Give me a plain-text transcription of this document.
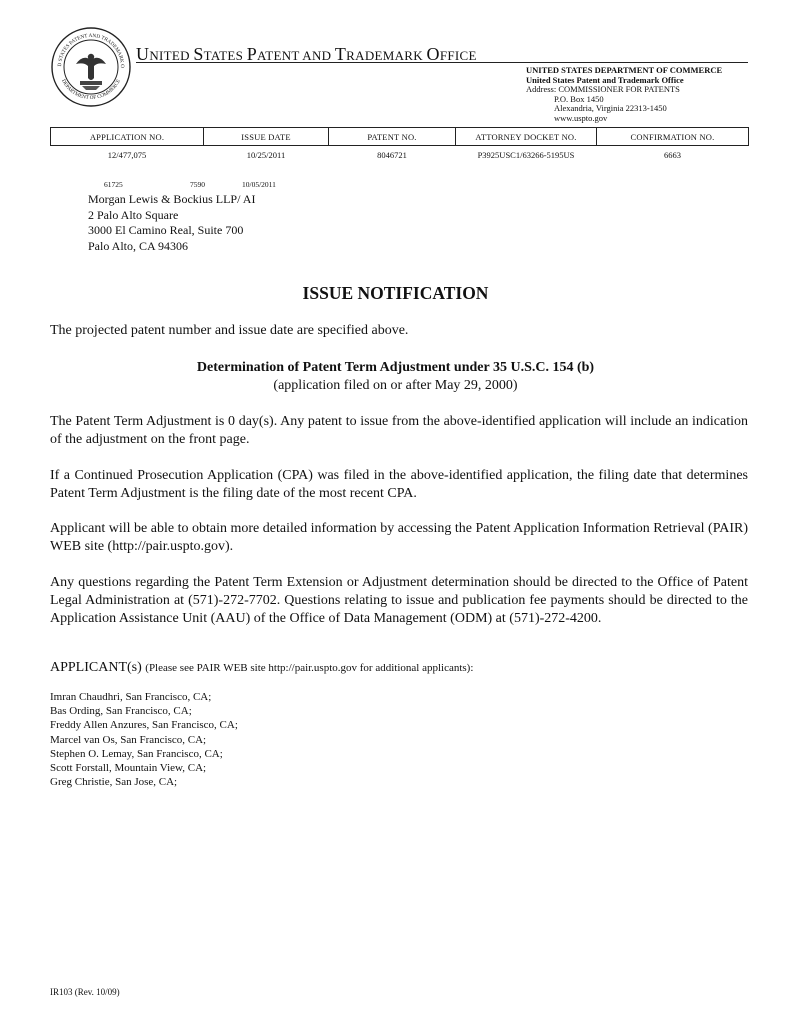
D STATES PATENT AND TRADEMARK O
DEPARTMENT OF COMMERCE
UNITED STATES PATENT AND TRADEMARK OFFICE
UNITED STATES DEPARTMENT OF COMMERCE
United States Patent and Trademark Office
Address: COMMISSIONER FOR PATENTS
P.O. Box 1450
Alexandria, Virginia 22313-1450
www.uspto.gov
APPLICATION NO.	ISSUE DATE	PATENT NO.	ATTORNEY DOCKET NO.	CONFIRMATION NO.
12/477,075	10/25/2011	8046721	P3925USC1/63266-5195US	6663
61725	7590	10/05/2011
Morgan Lewis & Bockius LLP/ AI
2 Palo Alto Square
3000 El Camino Real, Suite 700
Palo Alto, CA 94306
ISSUE NOTIFICATION
The projected patent number and issue date are specified above.
Determination of Patent Term Adjustment under 35 U.S.C. 154 (b)
(application filed on or after May 29, 2000)
The Patent Term Adjustment is 0 day(s). Any patent to issue from the above-identified application will include an indication of the adjustment on the front page.
If a Continued Prosecution Application (CPA) was filed in the above-identified application, the filing date that determines Patent Term Adjustment is the filing date of the most recent CPA.
Applicant will be able to obtain more detailed information by accessing the Patent Application Information Retrieval (PAIR) WEB site (http://pair.uspto.gov).
Any questions regarding the Patent Term Extension or Adjustment determination should be directed to the Office of Patent Legal Administration at (571)-272-7702. Questions relating to issue and publication fee payments should be directed to the Application Assistance Unit (AAU) of the Office of Data Management (ODM) at (571)-272-4200.
APPLICANT(s) (Please see PAIR WEB site http://pair.uspto.gov for additional applicants):
Imran Chaudhri, San Francisco, CA;
Bas Ording, San Francisco, CA;
Freddy Allen Anzures, San Francisco, CA;
Marcel van Os, San Francisco, CA;
Stephen O. Lemay, San Francisco, CA;
Scott Forstall, Mountain View, CA;
Greg Christie, San Jose, CA;
IR103 (Rev. 10/09)
